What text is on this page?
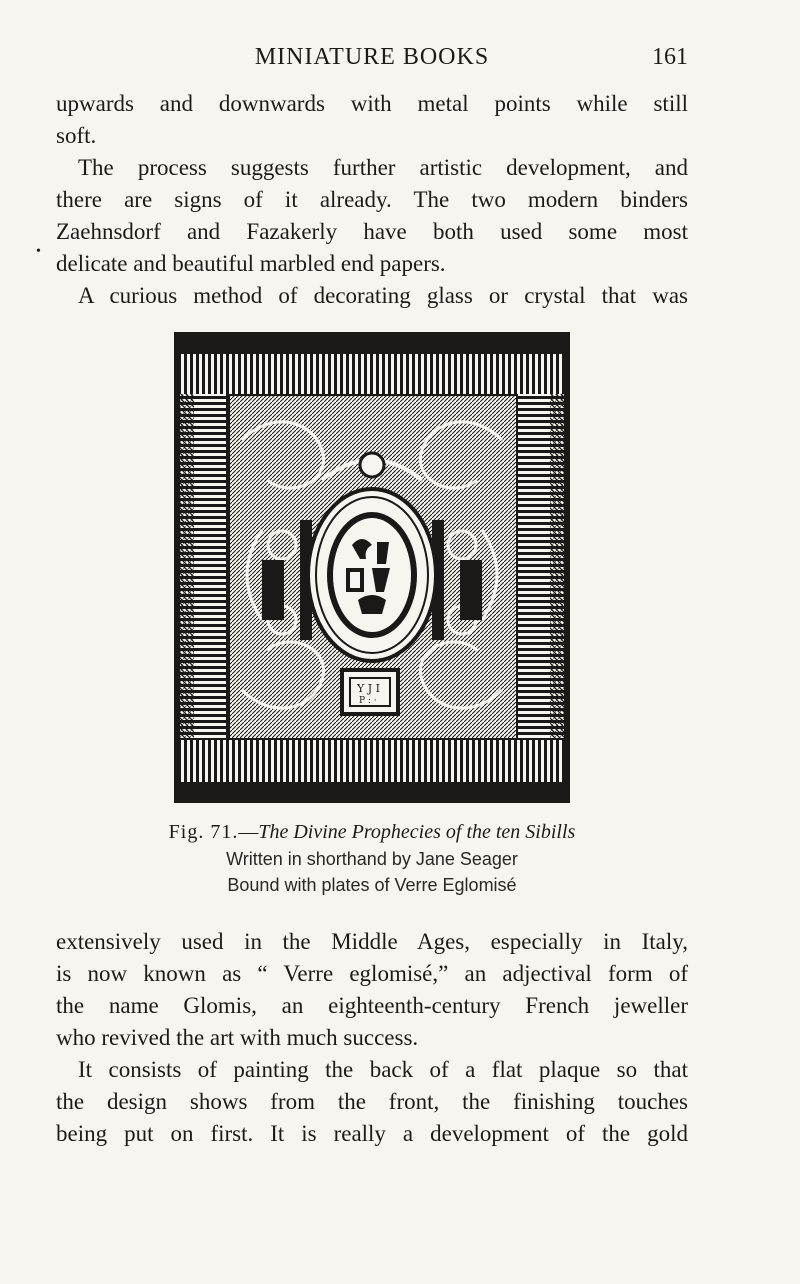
MINIATURE BOOKS	161
•
upwards and downwards with metal points while still
soft.
The process suggests further artistic development, and
there are signs of it already. The two modern binders
Zaehnsdorf and Fazakerly have both used some most
delicate and beautiful marbled end papers.
A curious method of decorating glass or crystal that was
Y J I
P : ·
Fig. 71.—The Divine Prophecies of the ten Sibills
Written in shorthand by Jane Seager
Bound with plates of Verre Eglomisé
extensively used in the Middle Ages, especially in Italy,
is now known as “ Verre eglomisé,” an adjectival form of
the name Glomis, an eighteenth-century French jeweller
who revived the art with much success.
It consists of painting the back of a flat plaque so that
the design shows from the front, the finishing touches
being put on first. It is really a development of the gold
